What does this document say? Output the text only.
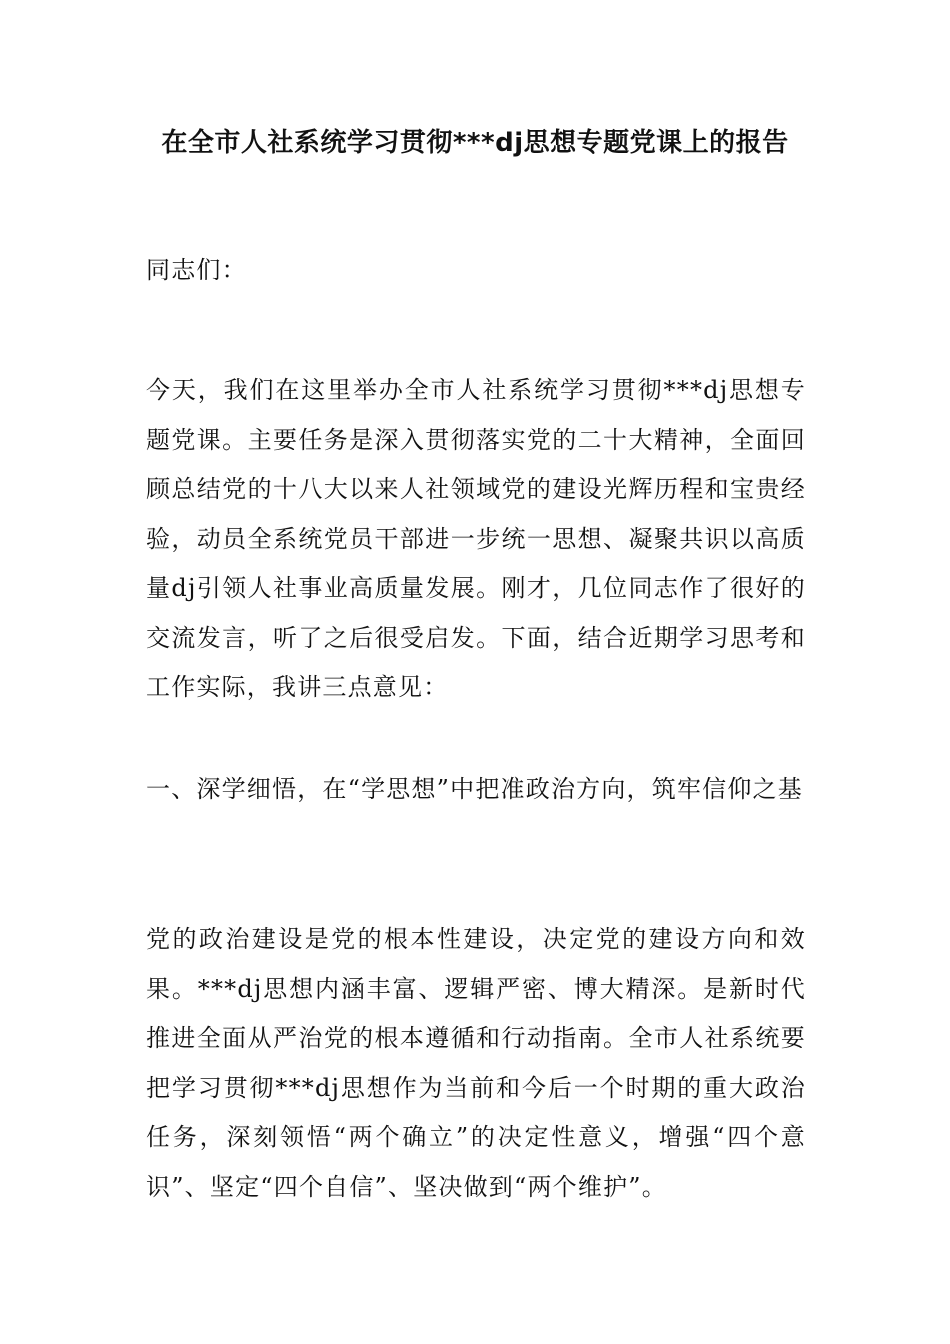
在全市人社系统学习贯彻***dj思想专题党课上的报告

同志们：

今天，我们在这里举办全市人社系统学习贯彻***dj思想专题党课。主要任务是深入贯彻落实党的二十大精神，全面回顾总结党的十八大以来人社领域党的建设光辉历程和宝贵经验，动员全系统党员干部进一步统一思想、凝聚共识以高质量dj引领人社事业高质量发展。刚才，几位同志作了很好的交流发言，听了之后很受启发。下面，结合近期学习思考和工作实际，我讲三点意见：

一、深学细悟，在“学思想”中把准政治方向，筑牢信仰之基

党的政治建设是党的根本性建设，决定党的建设方向和效果。***dj思想内涵丰富、逻辑严密、博大精深。是新时代推进全面从严治党的根本遵循和行动指南。全市人社系统要把学习贯彻***dj思想作为当前和今后一个时期的重大政治任务，深刻领悟“两个确立”的决定性意义，增强“四个意识”、坚定“四个自信”、坚决做到“两个维护”。
